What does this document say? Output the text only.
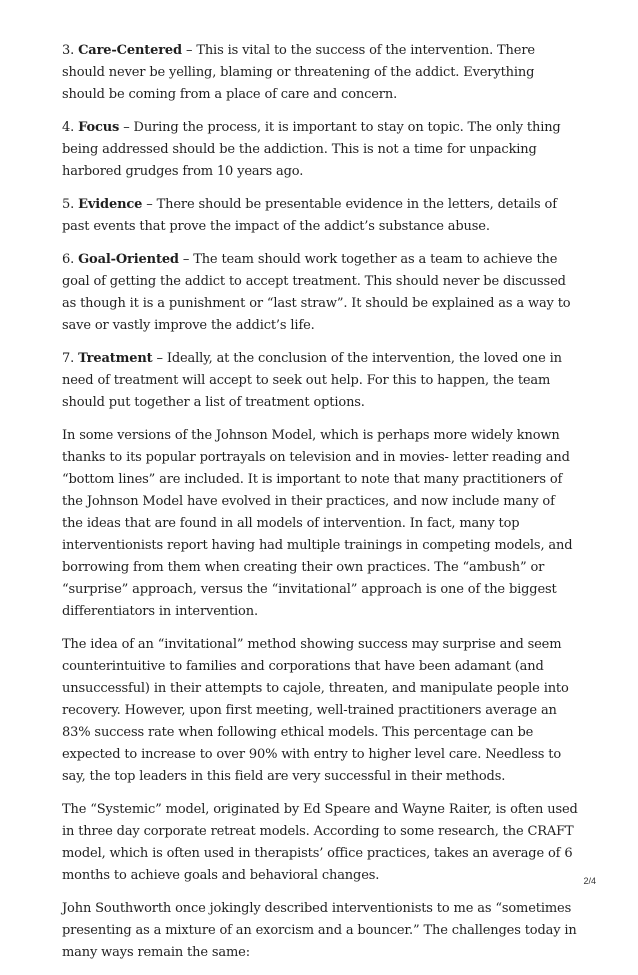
3. Care-Centered – This is vital to the success of the intervention. There should never be yelling, blaming or threatening of the addict. Everything should be coming from a place of care and concern.

4. Focus – During the process, it is important to stay on topic. The only thing being addressed should be the addiction. This is not a time for unpacking harbored grudges from 10 years ago.

5. Evidence – There should be presentable evidence in the letters, details of past events that prove the impact of the addict’s substance abuse.

6. Goal-Oriented – The team should work together as a team to achieve the goal of getting the addict to accept treatment. This should never be discussed as though it is a punishment or “last straw”. It should be explained as a way to save or vastly improve the addict’s life.

7. Treatment – Ideally, at the conclusion of the intervention, the loved one in need of treatment will accept to seek out help. For this to happen, the team should put together a list of treatment options.

In some versions of the Johnson Model, which is perhaps more widely known thanks to its popular portrayals on television and in movies- letter reading and “bottom lines” are included. It is important to note that many practitioners of the Johnson Model have evolved in their practices, and now include many of the ideas that are found in all models of intervention. In fact, many top interventionists report having had multiple trainings in competing models, and borrowing from them when creating their own practices. The “ambush” or “surprise” approach, versus the “invitational” approach is one of the biggest differentiators in intervention.

The idea of an “invitational” method showing success may surprise and seem counterintuitive to families and corporations that have been adamant (and unsuccessful) in their attempts to cajole, threaten, and manipulate people into recovery. However, upon first meeting, well-trained practitioners average an 83% success rate when following ethical models. This percentage can be expected to increase to over 90% with entry to higher level care. Needless to say, the top leaders in this field are very successful in their methods.

The “Systemic” model, originated by Ed Speare and Wayne Raiter, is often used in three day corporate retreat models. According to some research, the CRAFT model, which is often used in therapists’ office practices, takes an average of 6 months to achieve goals and behavioral changes.

John Southworth once jokingly described interventionists to me as “sometimes presenting as a mixture of an exorcism and a bouncer.” The challenges today in many ways remain the same:

2/4
